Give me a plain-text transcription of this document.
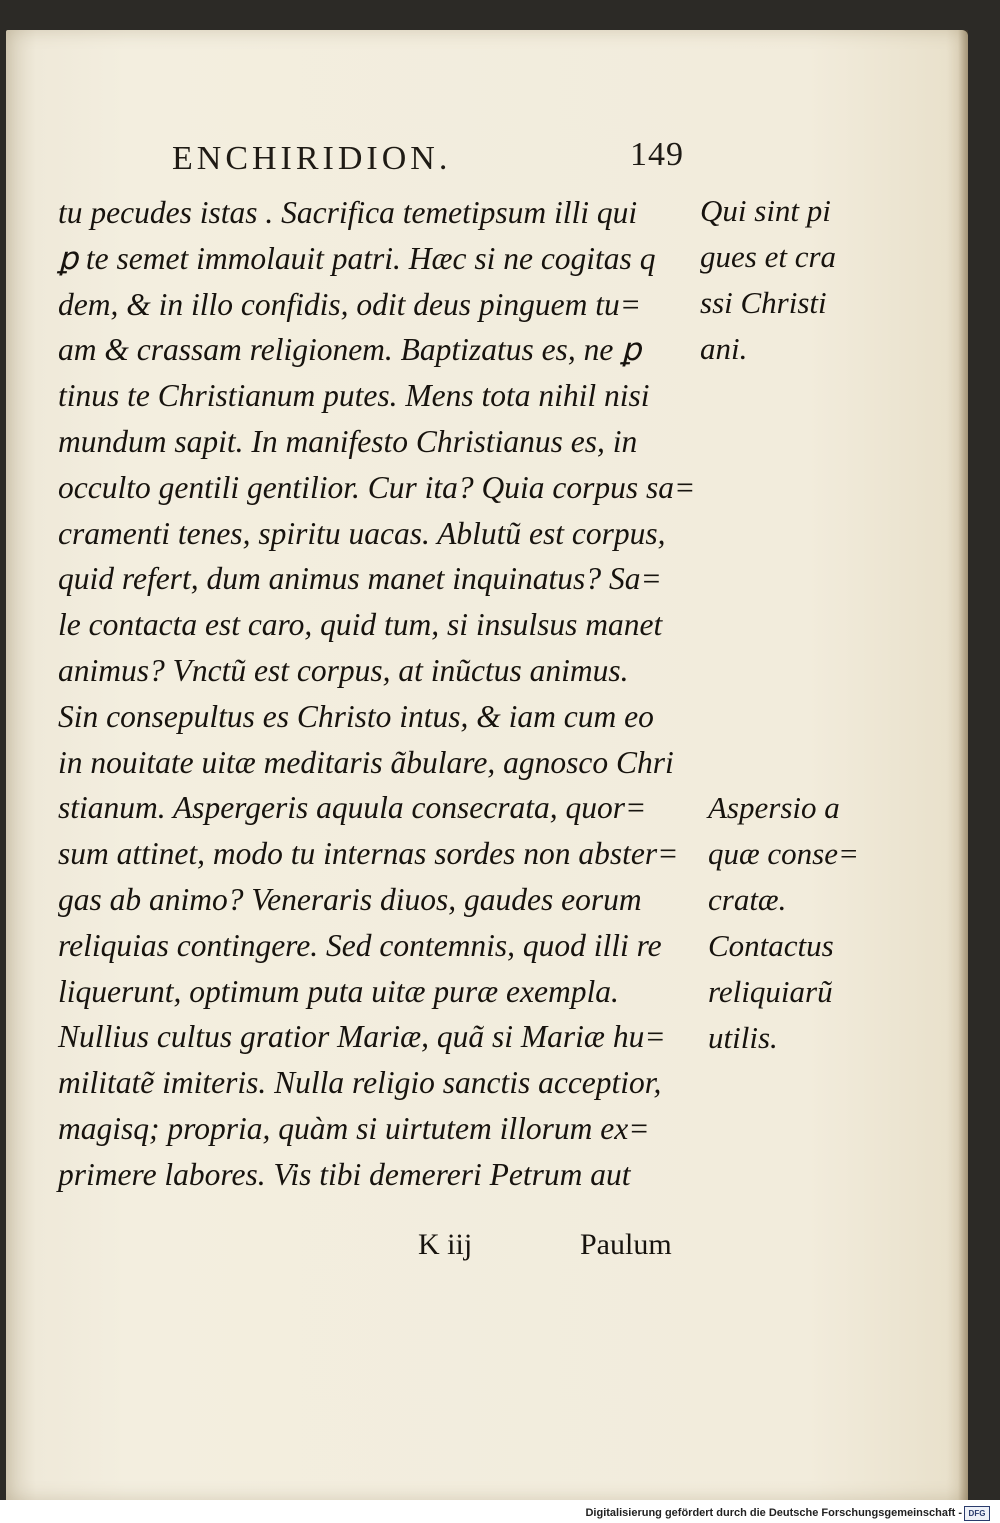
ENCHIRIDION.	149
tu pecudes istas . Sacrifica temetipsum illi qui
ꝑ te semet immolauit patri. Hæc si ne cogitas q
dem, & in illo confidis, odit deus pinguem tu=
am & crassam religionem. Baptizatus es, ne ꝑ
tinus te Christianum putes. Mens tota nihil nisi
mundum sapit. In manifesto Christianus es, in
occulto gentili gentilior. Cur ita? Quia corpus sa=
cramenti tenes, spiritu uacas. Ablutũ est corpus,
quid refert, dum animus manet inquinatus? Sa=
le contacta est caro, quid tum, si insulsus manet
animus? Vnctũ est corpus, at inũctus animus.
Sin consepultus es Christo intus, & iam cum eo
in nouitate uitæ meditaris ãbulare, agnosco Chri
stianum. Aspergeris aquula consecrata, quor=
sum attinet, modo tu internas sordes non abster=
gas ab animo? Veneraris diuos, gaudes eorum
reliquias contingere. Sed contemnis, quod illi re
liquerunt, optimum puta uitæ puræ exempla.
Nullius cultus gratior Mariæ, quã si Mariæ hu=
militatẽ imiteris. Nulla religio sanctis acceptior,
magisq; propria, quàm si uirtutem illorum ex=
primere labores. Vis tibi demereri Petrum aut
Qui sint pi
gues et cra
ssi Christi
ani.
Aspersio a
quæ conse=
cratæ.
Contactus
reliquiarũ
utilis.
K iij	Paulum
Digitalisierung gefördert durch die Deutsche Forschungsgemeinschaft - DFG
